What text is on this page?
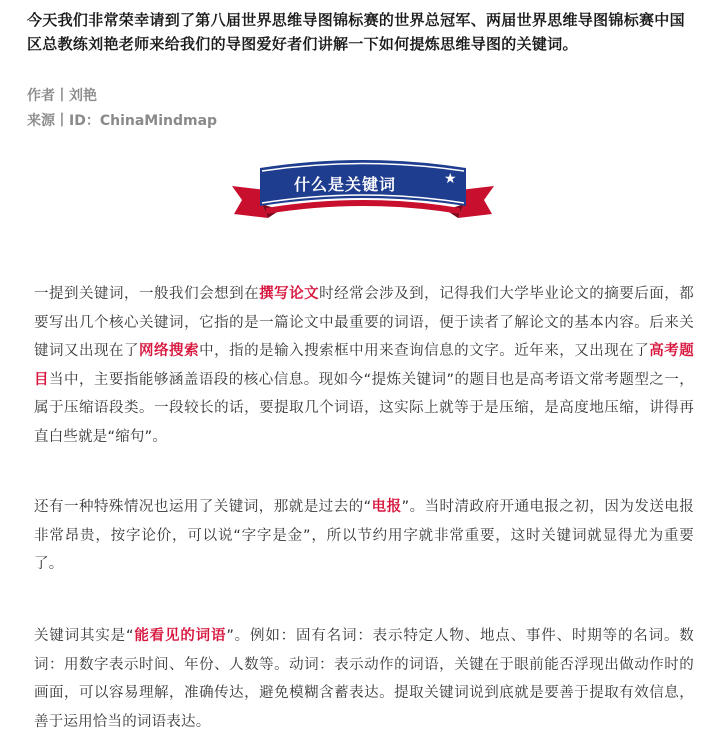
今天我们非常荣幸请到了第八届世界思维导图锦标赛的世界总冠军、两届世界思维导图锦标赛中国区总教练刘艳老师来给我们的导图爱好者们讲解一下如何提炼思维导图的关键词。
作者丨刘艳
来源丨ID：ChinaMindmap
什么是关键词	★
一提到关键词，一般我们会想到在撰写论文时经常会涉及到，记得我们大学毕业论文的摘要后面，都要写出几个核心关键词，它指的是一篇论文中最重要的词语，便于读者了解论文的基本内容。后来关键词又出现在了网络搜索中，指的是输入搜索框中用来查询信息的文字。近年来，又出现在了高考题目当中，主要指能够涵盖语段的核心信息。现如今“提炼关键词”的题目也是高考语文常考题型之一，属于压缩语段类。一段较长的话，要提取几个词语，这实际上就等于是压缩，是高度地压缩，讲得再直白些就是“缩句”。
还有一种特殊情况也运用了关键词，那就是过去的“电报”。当时清政府开通电报之初，因为发送电报非常昂贵，按字论价，可以说“字字是金”，所以节约用字就非常重要，这时关键词就显得尤为重要了。
关键词其实是“能看见的词语”。例如：固有名词：表示特定人物、地点、事件、时期等的名词。数词：用数字表示时间、年份、人数等。动词：表示动作的词语，关键在于眼前能否浮现出做动作时的画面，可以容易理解，准确传达，避免模糊含蓄表达。提取关键词说到底就是要善于提取有效信息，善于运用恰当的词语表达。
